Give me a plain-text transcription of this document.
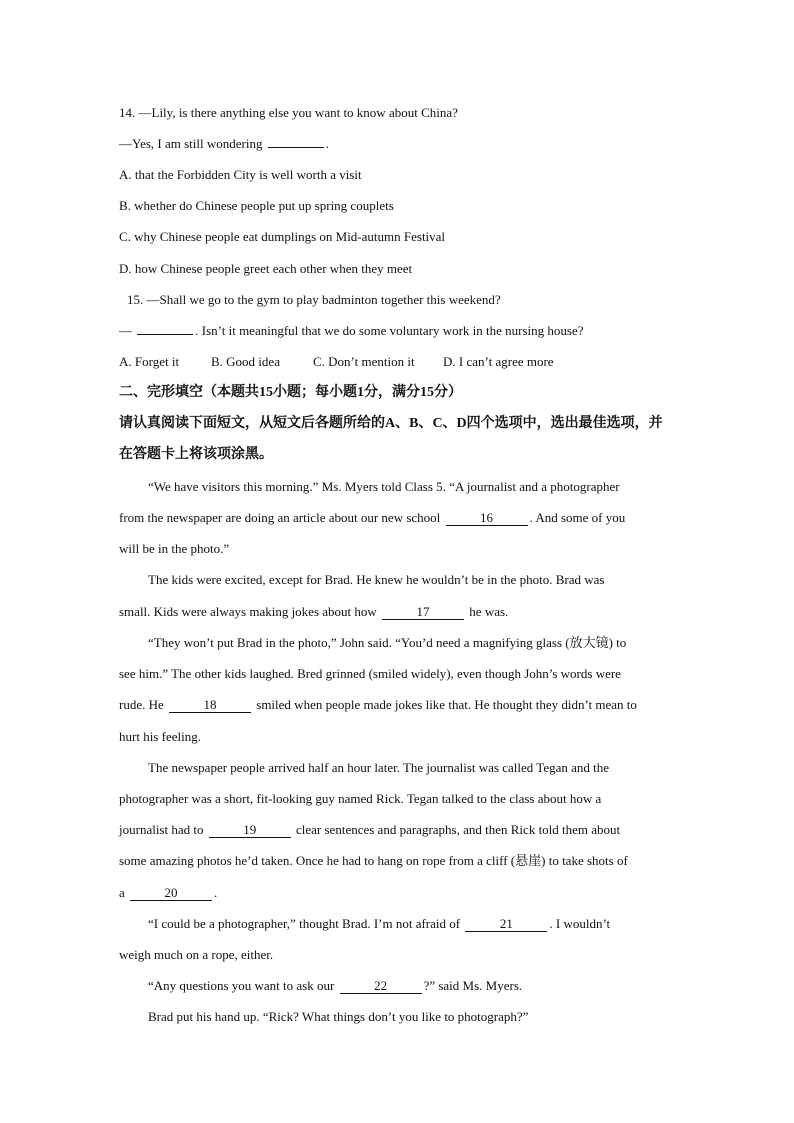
14. —Lily, is there anything else you want to know about China?
—Yes, I am still wondering	.
A. that the Forbidden City is well worth a visit
B. whether do Chinese people put up spring couplets
C. why Chinese people eat dumplings on Mid-autumn Festival
D. how Chinese people greet each other when they meet
15. —Shall we go to the gym to play badminton together this weekend?
—	. Isn’t it meaningful that we do some voluntary work in the nursing house?
A. Forget it B. Good idea	C. Don’t mention it D. I can’t agree more
二、完形填空（本题共15小题；每小题1分，满分15分）
请认真阅读下面短文，从短文后各题所给的A、B、C、D四个选项中，选出最佳选项，并
在答题卡上将该项涂黑。
“We have visitors this morning.” Ms. Myers told Class 5. “A journalist and a photographer
from the newspaper are doing an article about our new school	16	. And some of you
will be in the photo.”
The kids were excited, except for Brad. He knew he wouldn’t be in the photo. Brad was
small. Kids were always making jokes about how	17	he was.
“They won’t put Brad in the photo,” John said. “You’d need a magnifying glass (放大镜) to
see him.” The other kids laughed. Bred grinned (smiled widely), even though John’s words were
rude. He	18	smiled when people made jokes like that. He thought they didn’t mean to
hurt his feeling.
The newspaper people arrived half an hour later. The journalist was called Tegan and the
photographer was a short, fit-looking guy named Rick. Tegan talked to the class about how a
journalist had to	19	clear sentences and paragraphs, and then Rick told them about
some amazing photos he’d taken. Once he had to hang on rope from a cliff (悬崖) to take shots of
a	20	.
“I could be a photographer,” thought Brad. I’m not afraid of	21	. I wouldn’t
weigh much on a rope, either.
“Any questions you want to ask our	22	?” said Ms. Myers.
Brad put his hand up. “Rick? What things don’t you like to photograph?”
